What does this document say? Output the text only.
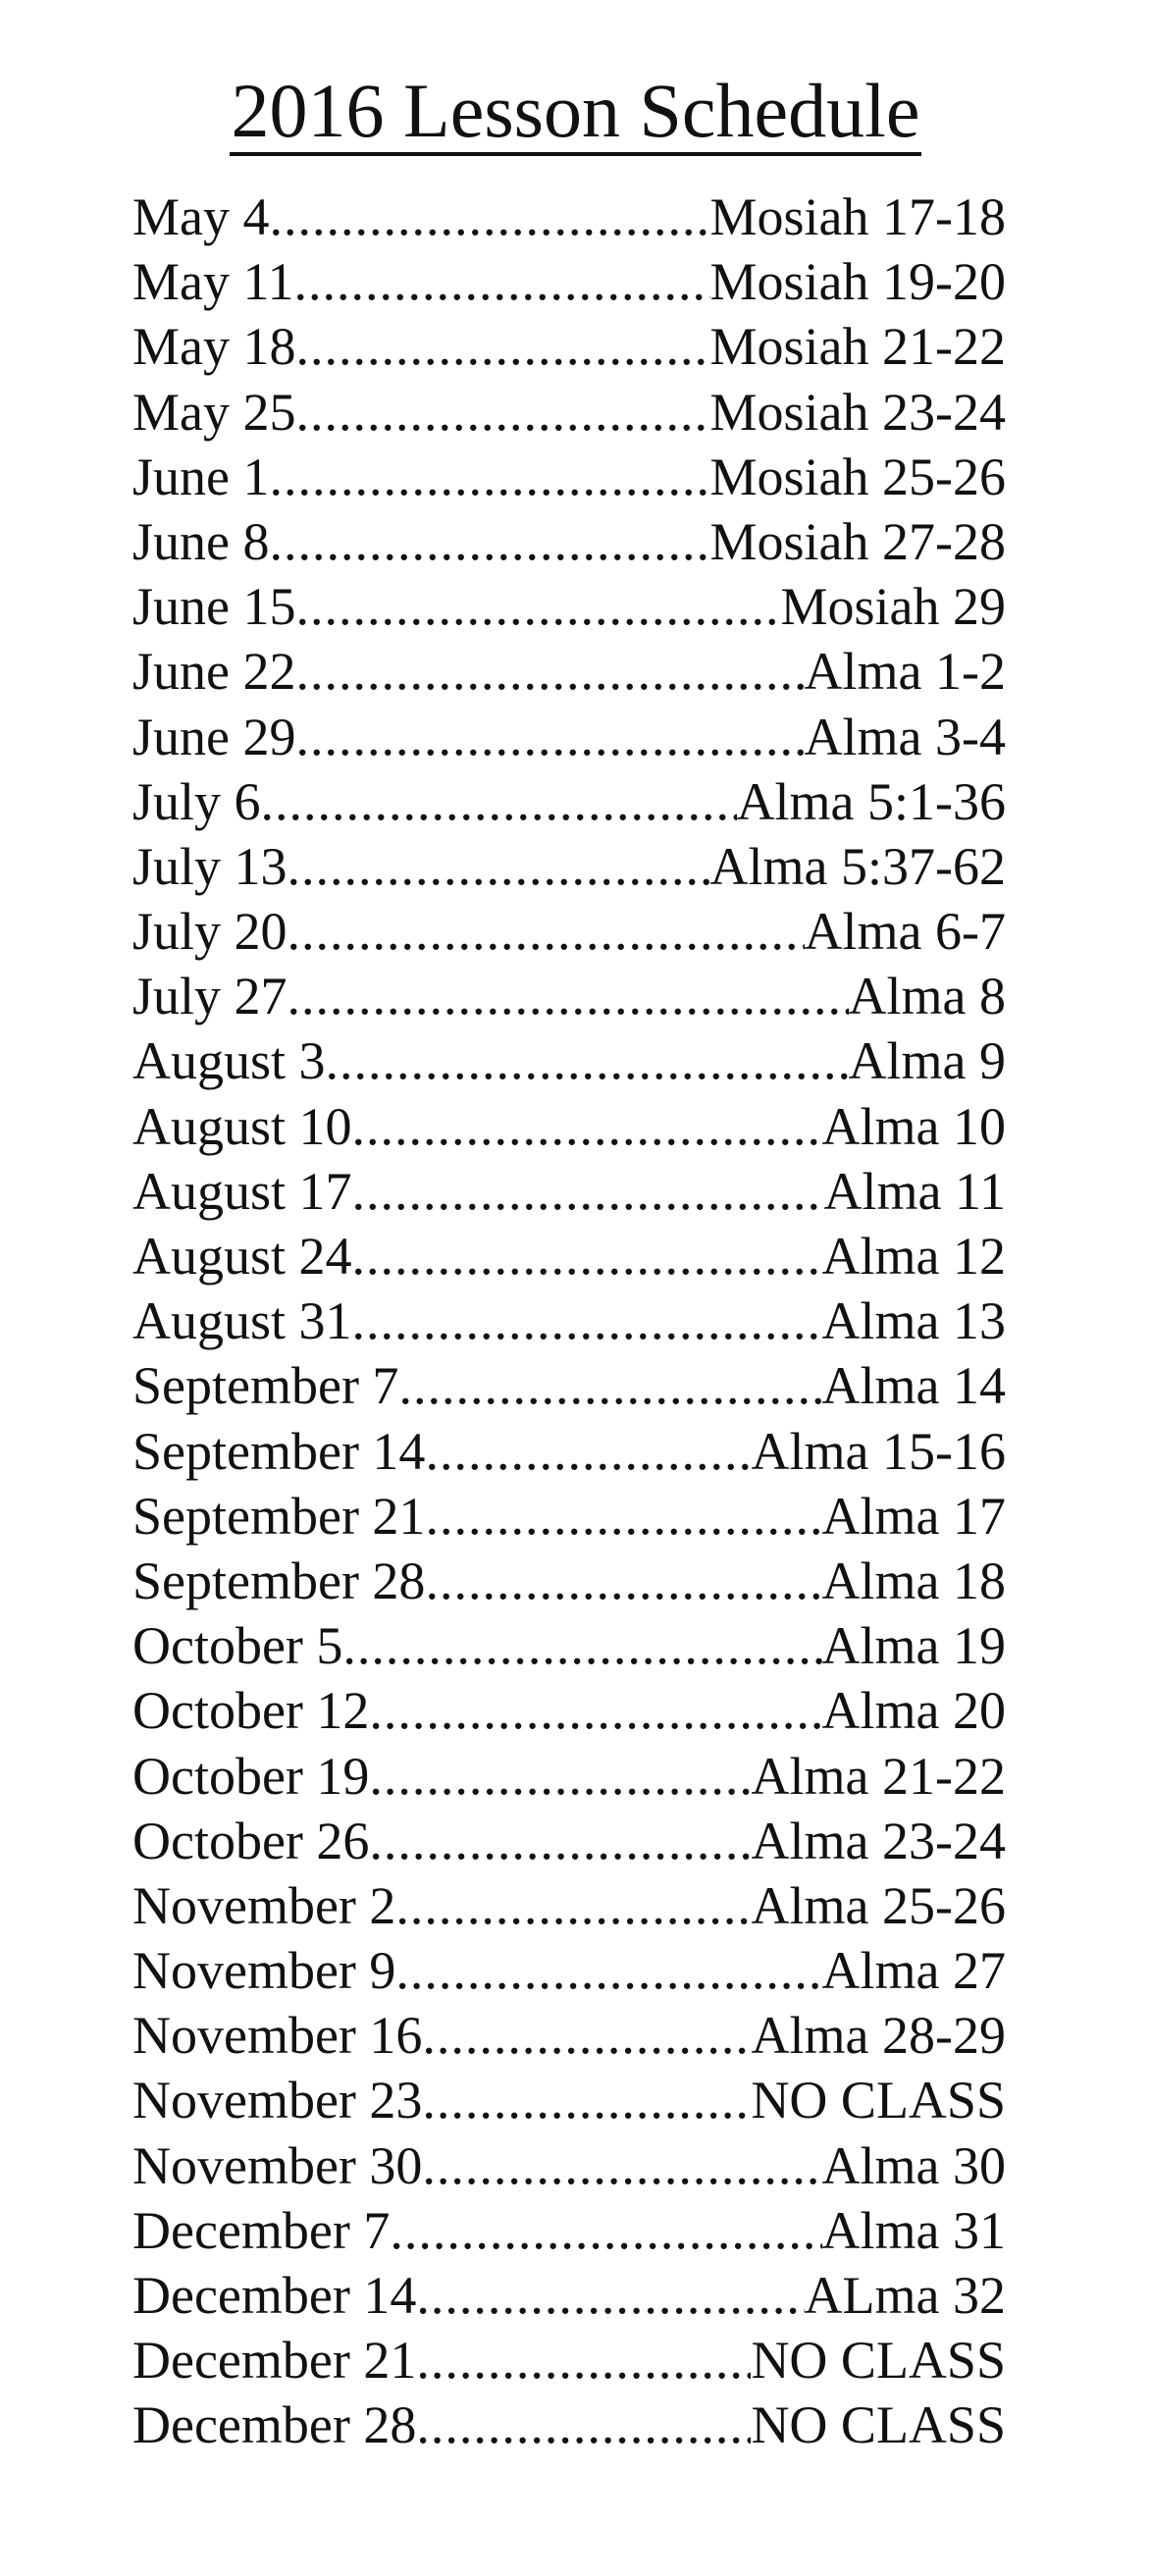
2016 Lesson Schedule
May 4 .....	Mosiah 17-18
May 11 .....	Mosiah 19-20
May 18 .....	Mosiah 21-22
May 25 .....	Mosiah 23-24
June 1 .....	Mosiah 25-26
June 8 .....	Mosiah 27-28
June 15 .....	Mosiah 29
June 22 .....	Alma 1-2
June 29 .....	Alma 3-4
July 6 .....	Alma 5:1-36
July 13 .....	Alma 5:37-62
July 20 .....	Alma 6-7
July 27 .....	Alma 8
August 3 .....	Alma 9
August 10 .....	Alma 10
August 17 .....	Alma 11
August 24 .....	Alma 12
August 31 .....	Alma 13
September 7 .....	Alma 14
September 14 .....	Alma 15-16
September 21 .....	Alma 17
September 28 .....	Alma 18
October 5 .....	Alma 19
October 12 .....	Alma 20
October 19 .....	Alma 21-22
October 26 .....	Alma 23-24
November 2 .....	Alma 25-26
November 9 .....	Alma 27
November 16 .....	Alma 28-29
November 23 .....	NO CLASS
November 30 .....	Alma 30
December 7 .....	Alma 31
December 14 .....	ALma 32
December 21 .....	NO CLASS
December 28 .....	NO CLASS
